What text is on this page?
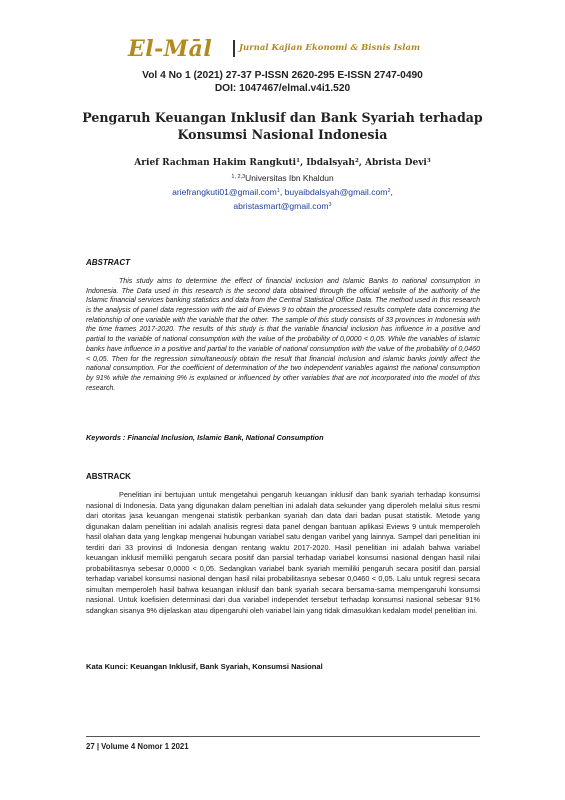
El-Māl	Jurnal Kajian Ekonomi & Bisnis Islam
Vol 4 No 1 (2021) 27-37 P-ISSN 2620-295 E-ISSN 2747-0490
DOI: 1047467/elmal.v4i1.520
Pengaruh Keuangan Inklusif dan Bank Syariah terhadap
Konsumsi Nasional Indonesia
Arief Rachman Hakim Rangkuti$^1$, Ibdalsyah$^2$, Abrista Devi$^3$
$^{1, 2,3}$Universitas Ibn Khaldun
ariefrangkuti01@gmail.com$^1$, buyaibdalsyah@gmail.com$^2$,
abristasmart@gmail.com$^3$
ABSTRACT

This study aims to determine the effect of financial inclusion and Islamic Banks to national consumption in Indonesia. The Data used in this research is the second data obtained through the official website of the authority of the Islamic financial services banking statistics and data from the Central Statistical Office Data. The method used in this research is the analysis of panel data regression with the aid of Eviews 9 to obtain the processed results complete data concerning the relationship of one variable with the variable that the other. The sample of this study consists of 33 provinces in Indonesia with the time frames 2017-2020. The results of this study is that the variable financial inclusion has influence in a positive and partial to the variable of national consumption with the value of the probability of 0,0000 < 0,05. While the variables of islamic banks have influence in a positive and partial to the variable of national consumption with the value of the probability of 0,0460 < 0,05. Then for the regression simultaneously obtain the result that financial inclusion and islamic banks jointly affect the national consumption. For the coefficient of determination of the two independent variables against the national consumption by 91% while the remaining 9% is explained or influenced by other variables that are not incorporated into the model of this research.

Keywords : Financial Inclusion, Islamic Bank, National Consumption
ABSTRACK

Penelitian ini bertujuan untuk mengetahui pengaruh keuangan inklusif dan bank syariah terhadap konsumsi nasional di Indonesia. Data yang digunakan dalam peneltian ini adalah data sekunder yang diperoleh melalui situs resmi dari otoritas jasa keuangan mengenai statistik perbankan syariah dan data dari badan pusat statistik. Metode yang digunakan dalam penelitian ini adalah analisis regresi data panel dengan bantuan aplikasi Eviews 9 untuk memperoleh hasil olahan data yang lengkap mengenai hubungan variabel satu dengan varibel yang lainnya. Sampel dari penelitian ini terdiri dari 33 provinsi di Indonesia dengan rentang waktu 2017-2020. Hasil penelitian ini adalah bahwa variabel keuangan inklusif memiliki pengaruh secara positif dan parsial terhadap variabel konsumsi nasional dengan hasil nilai probabilitasnya sebesar 0,0000 < 0,05. Sedangkan variabel bank syariah memiliki pengaruh secara positif dan parsial terhadap variabel konsumsi nasional dengan hasil nilai probabilitasnya sebesar 0,0460 < 0,05. Lalu untuk regresi secara simultan memperoleh hasil bahwa keuangan inklusif dan bank syariah secara bersama-sama mempengaruhi konsumsi nasional. Untuk koefisien determinasi dari dua variabel independet tersebut terhadap konsumsi nasional sebesar 91% sdangkan sisanya 9% dijelaskan atau dipengaruhi oleh variabel lain yang tidak dimasukkan kedalam model penelitian ini.

Kata Kunci: Keuangan Inklusif, Bank Syariah, Konsumsi Nasional
27 | Volume 4 Nomor 1 2021
